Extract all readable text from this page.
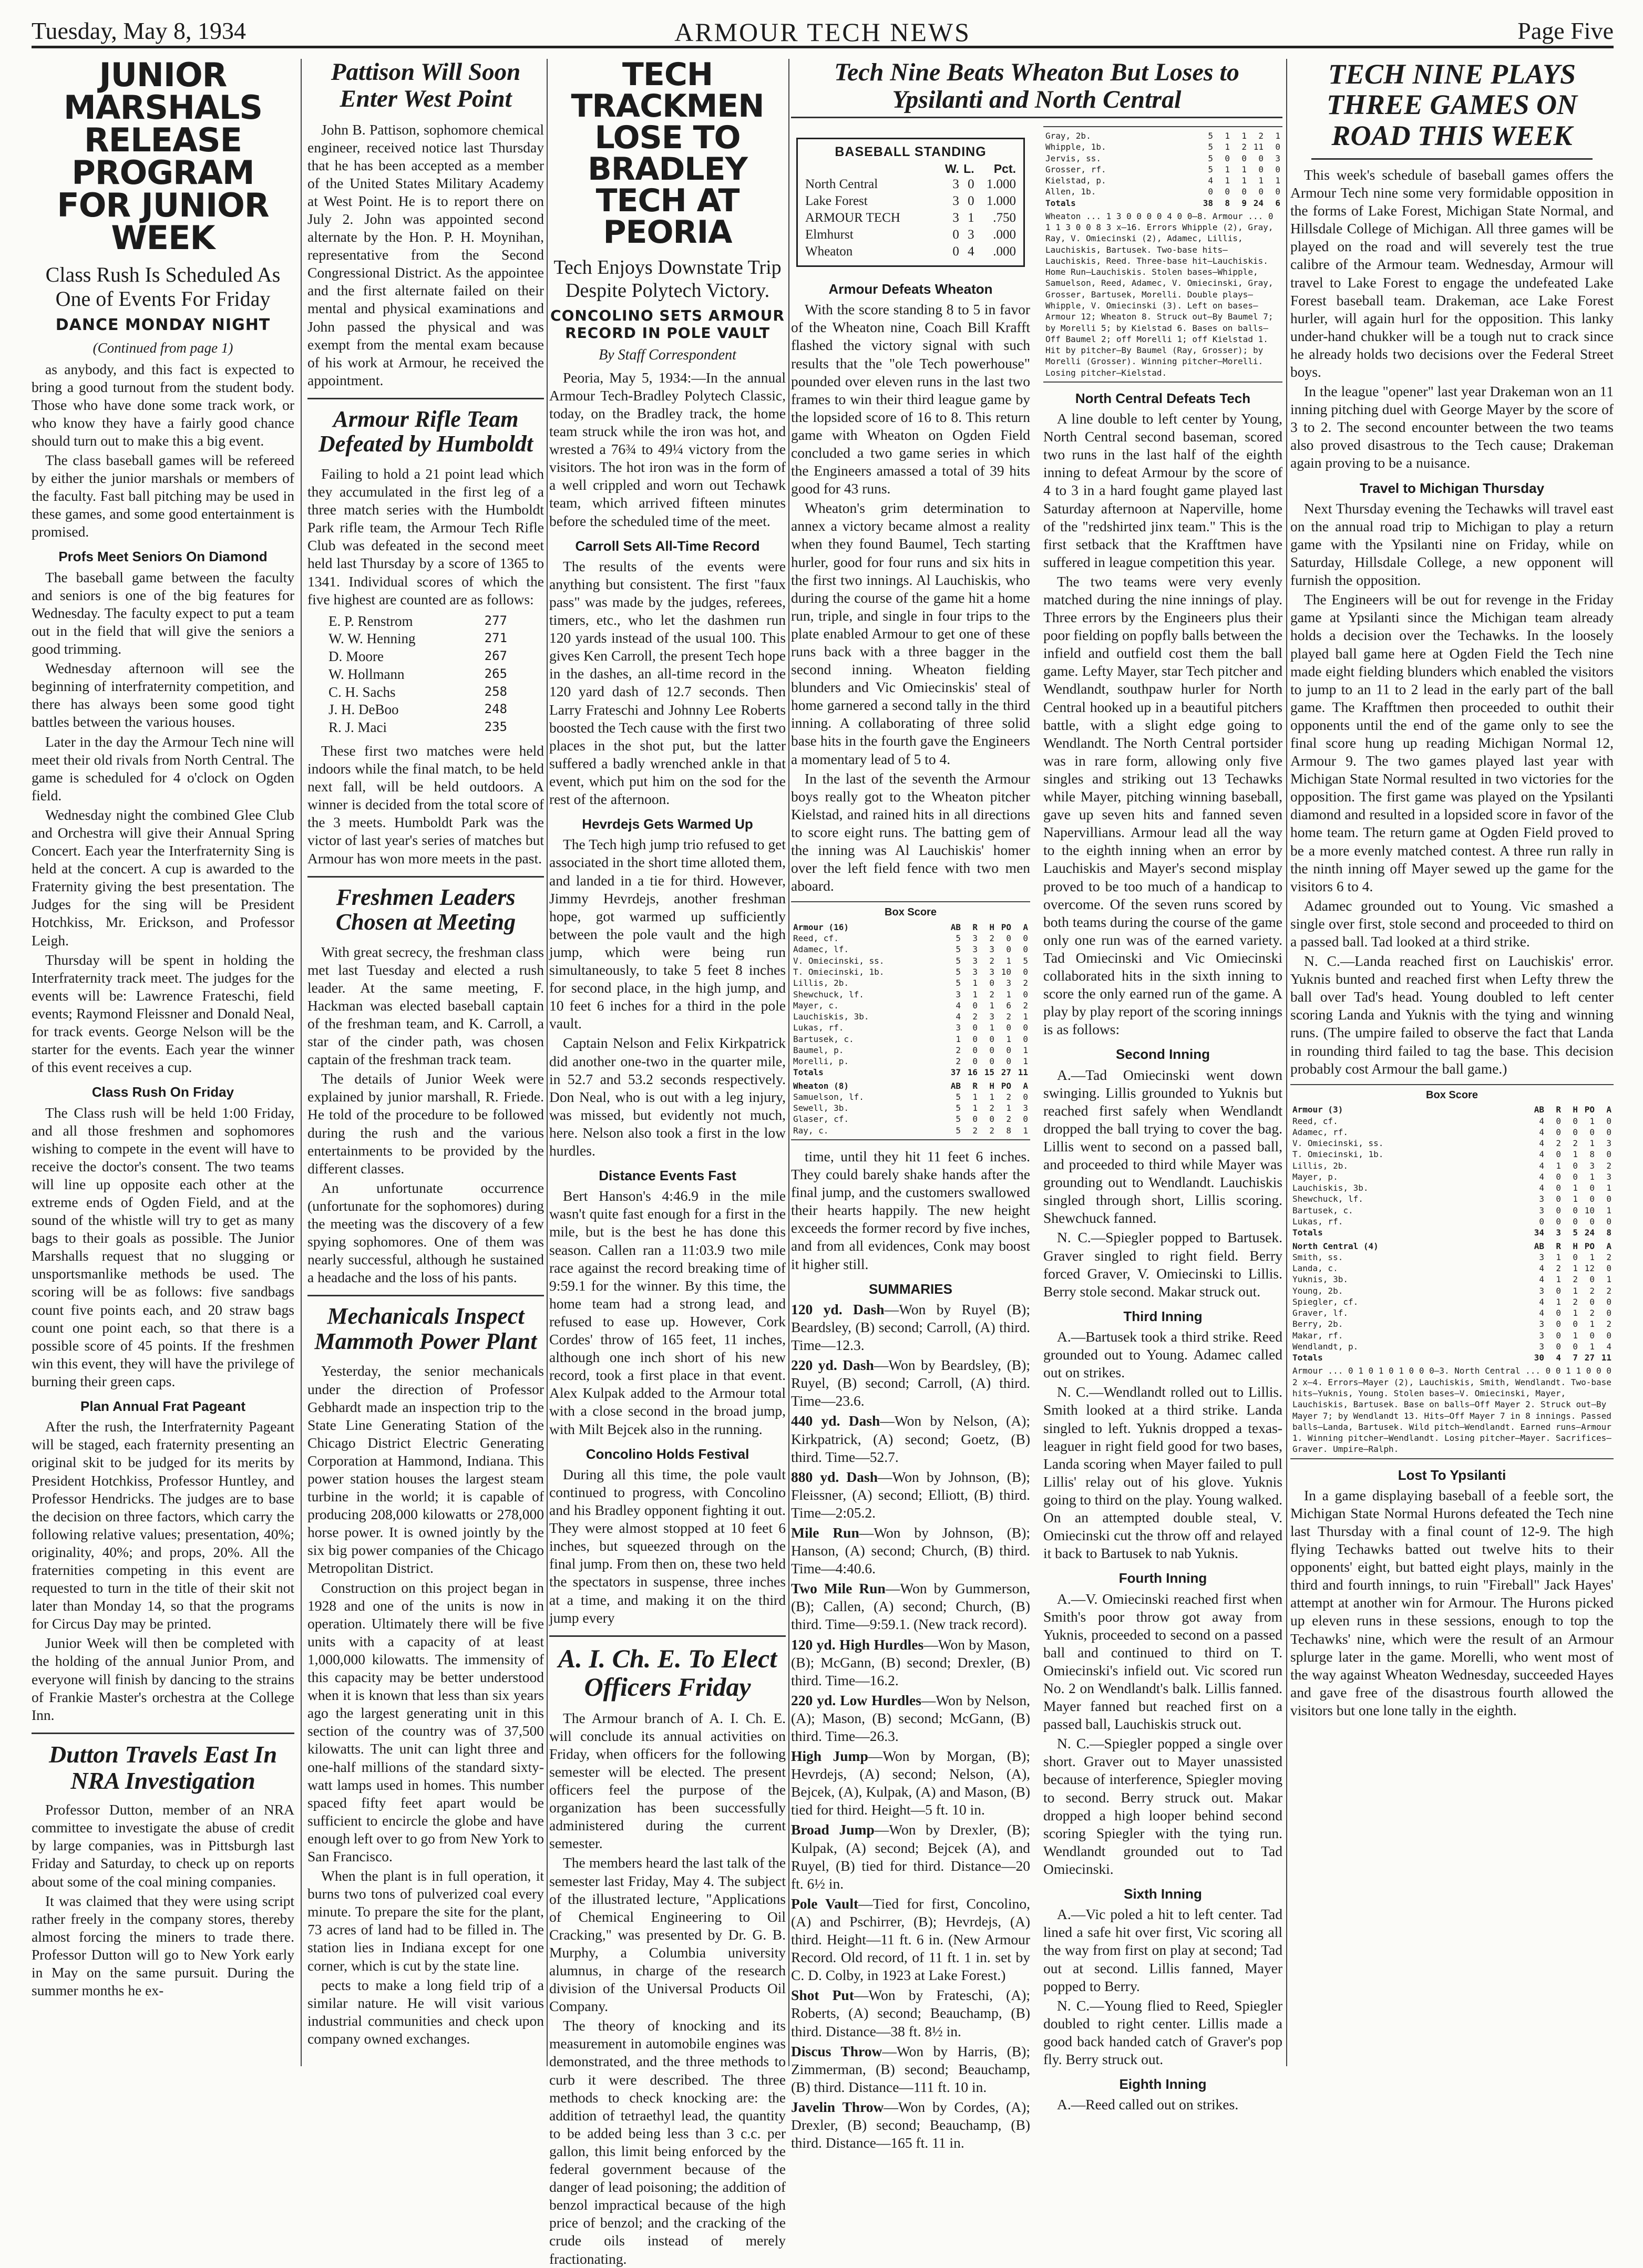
Tuesday, May 8, 1934	ARMOUR TECH NEWS	Page Five
JUNIOR MARSHALS RELEASE PROGRAM FOR JUNIOR WEEK
Class Rush Is Scheduled As One of Events For Friday
DANCE MONDAY NIGHT
(Continued from page 1)

as anybody, and this fact is expected to bring a good turnout from the student body. Those who have done some track work, or who know they have a fairly good chance should turn out to make this a big event.

The class baseball games will be refereed by either the junior marshals or members of the faculty. Fast ball pitching may be used in these games, and some good entertainment is promised.

Profs Meet Seniors On Diamond

The baseball game between the faculty and seniors is one of the big features for Wednesday. The faculty expect to put a team out in the field that will give the seniors a good trimming.

Wednesday afternoon will see the beginning of interfraternity competition, and there has always been some good tight battles between the various houses.

Later in the day the Armour Tech nine will meet their old rivals from North Central. The game is scheduled for 4 o'clock on Ogden field.

Wednesday night the combined Glee Club and Orchestra will give their Annual Spring Concert. Each year the Interfraternity Sing is held at the concert. A cup is awarded to the Fraternity giving the best presentation. The Judges for the sing will be President Hotchkiss, Mr. Erickson, and Professor Leigh.

Thursday will be spent in holding the Interfraternity track meet. The judges for the events will be: Lawrence Frateschi, field events; Raymond Fleissner and Donald Neal, for track events. George Nelson will be the starter for the events. Each year the winner of this event receives a cup.

Class Rush On Friday

The Class rush will be held 1:00 Friday, and all those freshmen and sophomores wishing to compete in the event will have to receive the doctor's consent. The two teams will line up opposite each other at the extreme ends of Ogden Field, and at the sound of the whistle will try to get as many bags to their goals as possible. The Junior Marshalls request that no slugging or unsportsmanlike methods be used. The scoring will be as follows: five sandbags count five points each, and 20 straw bags count one point each, so that there is a possible score of 45 points. If the freshmen win this event, they will have the privilege of burning their green caps.

Plan Annual Frat Pageant

After the rush, the Interfraternity Pageant will be staged, each fraternity presenting an original skit to be judged for its merits by President Hotchkiss, Professor Huntley, and Professor Hendricks. The judges are to base the decision on three factors, which carry the following relative values; presentation, 40%; originality, 40%; and props, 20%. All the fraternities competing in this event are requested to turn in the title of their skit not later than Monday 14, so that the programs for Circus Day may be printed.

Junior Week will then be completed with the holding of the annual Junior Prom, and everyone will finish by dancing to the strains of Frankie Master's orchestra at the College Inn.

Dutton Travels East In NRA Investigation

Professor Dutton, member of an NRA committee to investigate the abuse of credit by large companies, was in Pittsburgh last Friday and Saturday, to check up on reports about some of the coal mining companies.

It was claimed that they were using script rather freely in the company stores, thereby almost forcing the miners to trade there. Professor Dutton will go to New York early in May on the same pursuit. During the summer months he ex-

Pattison Will Soon Enter West Point

John B. Pattison, sophomore chemical engineer, received notice last Thursday that he has been accepted as a member of the United States Military Academy at West Point. He is to report there on July 2. John was appointed second alternate by the Hon. P. H. Moynihan, representative from the Second Congressional District. As the appointee and the first alternate failed on their mental and physical examinations and John passed the physical and was exempt from the mental exam because of his work at Armour, he received the appointment.

Armour Rifle Team Defeated by Humboldt

Failing to hold a 21 point lead which they accumulated in the first leg of a three match series with the Humboldt Park rifle team, the Armour Tech Rifle Club was defeated in the second meet held last Thursday by a score of 1365 to 1341. Individual scores of which the five highest are counted are as follows:

E. P. Renstrom	277
W. W. Henning	271
D. Moore	267
W. Hollmann	265
C. H. Sachs	258
J. H. DeBoo	248
R. J. Maci	235

These first two matches were held indoors while the final match, to be held next fall, will be held outdoors. A winner is decided from the total score of the 3 meets. Humboldt Park was the victor of last year's series of matches but Armour has won more meets in the past.

Freshmen Leaders Chosen at Meeting

With great secrecy, the freshman class met last Tuesday and elected a rush leader. At the same meeting, F. Hackman was elected baseball captain of the freshman team, and K. Carroll, a star of the cinder path, was chosen captain of the freshman track team.

The details of Junior Week were explained by junior marshall, R. Friede. He told of the procedure to be followed during the rush and the various entertainments to be provided by the different classes.

An unfortunate occurrence (unfortunate for the sophomores) during the meeting was the discovery of a few spying sophomores. One of them was nearly successful, although he sustained a headache and the loss of his pants.

Mechanicals Inspect Mammoth Power Plant

Yesterday, the senior mechanicals under the direction of Professor Gebhardt made an inspection trip to the State Line Generating Station of the Chicago District Electric Generating Corporation at Hammond, Indiana. This power station houses the largest steam turbine in the world; it is capable of producing 208,000 kilowatts or 278,000 horse power. It is owned jointly by the six big power companies of the Chicago Metropolitan District.

Construction on this project began in 1928 and one of the units is now in operation. Ultimately there will be five units with a capacity of at least 1,000,000 kilowatts. The immensity of this capacity may be better understood when it is known that less than six years ago the largest generating unit in this section of the country was of 37,500 kilowatts. The unit can light three and one-half millions of the standard sixty-watt lamps used in homes. This number spaced fifty feet apart would be sufficient to encircle the globe and have enough left over to go from New York to San Francisco.

When the plant is in full operation, it burns two tons of pulverized coal every minute. To prepare the site for the plant, 73 acres of land had to be filled in. The station lies in Indiana except for one corner, which is cut by the state line.

pects to make a long field trip of a similar nature. He will visit various industrial communities and check upon company owned exchanges.

TECH TRACKMEN LOSE TO BRADLEY TECH AT PEORIA
Tech Enjoys Downstate Trip Despite Polytech Victory.
CONCOLINO SETS ARMOUR RECORD IN POLE VAULT
By Staff Correspondent

Peoria, May 5, 1934:—In the annual Armour Tech-Bradley Polytech Classic, today, on the Bradley track, the home team struck while the iron was hot, and wrested a 76¾ to 49¼ victory from the visitors. The hot iron was in the form of a well crippled and worn out Techawk team, which arrived fifteen minutes before the scheduled time of the meet.

Carroll Sets All-Time Record

The results of the events were anything but consistent. The first "faux pass" was made by the judges, referees, timers, etc., who let the dashmen run 120 yards instead of the usual 100. This gives Ken Carroll, the present Tech hope in the dashes, an all-time record in the 120 yard dash of 12.7 seconds. Then Larry Frateschi and Johnny Lee Roberts boosted the Tech cause with the first two places in the shot put, but the latter suffered a badly wrenched ankle in that event, which put him on the sod for the rest of the afternoon.

Hevrdejs Gets Warmed Up

The Tech high jump trio refused to get associated in the short time alloted them, and landed in a tie for third. However, Jimmy Hevrdejs, another freshman hope, got warmed up sufficiently between the pole vault and the high jump, which were being run simultaneously, to take 5 feet 8 inches for second place, in the high jump, and 10 feet 6 inches for a third in the pole vault.

Captain Nelson and Felix Kirkpatrick did another one-two in the quarter mile, in 52.7 and 53.2 seconds respectively. Don Neal, who is out with a leg injury, was missed, but evidently not much, here. Nelson also took a first in the low hurdles.

Distance Events Fast

Bert Hanson's 4:46.9 in the mile wasn't quite fast enough for a first in the mile, but is the best he has done this season. Callen ran a 11:03.9 two mile race against the record breaking time of 9:59.1 for the winner. By this time, the home team had a strong lead, and refused to ease up. However, Cork Cordes' throw of 165 feet, 11 inches, although one inch short of his new record, took a first place in that event. Alex Kulpak added to the Armour total with a close second in the broad jump, with Milt Bejcek also in the running.

Concolino Holds Festival

During all this time, the pole vault continued to progress, with Concolino and his Bradley opponent fighting it out. They were almost stopped at 10 feet 6 inches, but squeezed through on the final jump. From then on, these two held the spectators in suspense, three inches at a time, and making it on the third jump every

A. I. Ch. E. To Elect Officers Friday

The Armour branch of A. I. Ch. E. will conclude its annual activities on Friday, when officers for the following semester will be elected. The present officers feel the purpose of the organization has been successfully administered during the current semester.

The members heard the last talk of the semester last Friday, May 4. The subject of the illustrated lecture, "Applications of Chemical Engineering to Oil Cracking," was presented by Dr. G. B. Murphy, a Columbia university alumnus, in charge of the research division of the Universal Products Oil Company.

The theory of knocking and its measurement in automobile engines was demonstrated, and the three methods to curb it were described. The three methods to check knocking are: the addition of tetraethyl lead, the quantity to be added being less than 3 c.c. per gallon, this limit being enforced by the federal government because of the danger of lead poisoning; the addition of benzol impractical because of the high price of benzol; and the cracking of the crude oils instead of merely fractionating.

Tech Nine Beats Wheaton But Loses to Ypsilanti and North Central
BASEBALL STANDING
	W.	L.	Pct.
North Central	3	0	1.000
Lake Forest	3	0	1.000
ARMOUR TECH	3	1	.750
Elmhurst	0	3	.000
Wheaton	0	4	.000
Armour Defeats Wheaton

With the score standing 8 to 5 in favor of the Wheaton nine, Coach Bill Krafft flashed the victory signal with such results that the "ole Tech powerhouse" pounded over eleven runs in the last two frames to win their third league game by the lopsided score of 16 to 8. This return game with Wheaton on Ogden Field concluded a two game series in which the Engineers amassed a total of 39 hits good for 43 runs.

Wheaton's grim determination to annex a victory became almost a reality when they found Baumel, Tech starting hurler, good for four runs and six hits in the first two innings. Al Lauchiskis, who during the course of the game hit a home run, triple, and single in four trips to the plate enabled Armour to get one of these runs back with a three bagger in the second inning. Wheaton fielding blunders and Vic Omiecinskis' steal of home garnered a second tally in the third inning. A collaborating of three solid base hits in the fourth gave the Engineers a momentary lead of 5 to 4.

In the last of the seventh the Armour boys really got to the Wheaton pitcher Kielstad, and rained hits in all directions to score eight runs. The batting gem of the inning was Al Lauchiskis' homer over the left field fence with two men aboard.

Box Score
Armour (16)	AB	R	H PO	A
Reed, cf.	5	3	2	0	0
Adamec, lf.	5	3	3	0	0
V. Omiecinski, ss.	5	3	2	1	5
T. Omiecinski, 1b.	5	3	3 10	0
Lillis, 2b.	5	1	0	3	2
Shewchuck, lf.	3	1	2	1	0
Mayer, c.	4	0	1	6	2
Lauchiskis, 3b.	4	2	3	2	1
Lukas, rf.	3	0	1	0	0
Bartusek, c.	1	0	0	1	0
Baumel, p.	2	0	0	0	1
Morelli, p.	2	0	0	0	1
Totals	37 16 15 27 11
Wheaton (8)	AB	R	H PO	A
Samuelson, lf.	5	1	1	2	0
Sewell, 3b.	5	1	2	1	3
Glaser, cf.	5	0	0	2	0
Ray, c.	5	2	2	8	1

time, until they hit 11 feet 6 inches. They could barely shake hands after the final jump, and the customers swallowed their hearts happily. The new height exceeds the former record by five inches, and from all evidences, Conk may boost it higher still.

SUMMARIES

120 yd. Dash—Won by Ruyel (B); Beardsley, (B) second; Carroll, (A) third. Time—12.3.

220 yd. Dash—Won by Beardsley, (B); Ruyel, (B) second; Carroll, (A) third. Time—23.6.

440 yd. Dash—Won by Nelson, (A); Kirkpatrick, (A) second; Goetz, (B) third. Time—52.7.

880 yd. Dash—Won by Johnson, (B); Fleissner, (A) second; Elliott, (B) third. Time—2:05.2.

Mile Run—Won by Johnson, (B); Hanson, (A) second; Church, (B) third. Time—4:40.6.

Two Mile Run—Won by Gummerson, (B); Callen, (A) second; Church, (B) third. Time—9:59.1. (New track record).

120 yd. High Hurdles—Won by Mason, (B); McGann, (B) second; Drexler, (B) third. Time—16.2.

220 yd. Low Hurdles—Won by Nelson, (A); Mason, (B) second; McGann, (B) third. Time—26.3.

High Jump—Won by Morgan, (B); Hevrdejs, (A) second; Nelson, (A), Bejcek, (A), Kulpak, (A) and Mason, (B) tied for third. Height—5 ft. 10 in.

Broad Jump—Won by Drexler, (B); Kulpak, (A) second; Bejcek (A), and Ruyel, (B) tied for third. Distance—20 ft. 6½ in.

Pole Vault—Tied for first, Concolino, (A) and Pschirrer, (B); Hevrdejs, (A) third. Height—11 ft. 6 in. (New Armour Record. Old record, of 11 ft. 1 in. set by C. D. Colby, in 1923 at Lake Forest.)

Shot Put—Won by Frateschi, (A); Roberts, (A) second; Beauchamp, (B) third. Distance—38 ft. 8½ in.

Discus Throw—Won by Harris, (B); Zimmerman, (B) second; Beauchamp, (B) third. Distance—111 ft. 10 in.

Javelin Throw—Won by Cordes, (A); Drexler, (B) second; Beauchamp, (B) third. Distance—165 ft. 11 in.

Gray, 2b.	5	1	1	2	1
Whipple, 1b.	5	1	2 11	0
Jervis, ss.	5	0	0	0	3
Grosser, rf.	5	1	1	0	0
Kielstad, p.	4	1	1	1	1
Allen, 1b.	0	0	0	0	0
Totals	38	8	9 24	6
Wheaton ... 1 3 0 0 0 0 4 0 0—8. Armour ... 0 1 1 3 0 0 8 3 x—16. Errors Whipple (2), Gray, Ray, V. Omiecinski (2), Adamec, Lillis, Lauchiskis, Bartusek. Two-base hits—Lauchiskis, Reed. Three-base hit—Lauchiskis. Home Run—Lauchiskis. Stolen bases—Whipple, Samuelson, Reed, Adamec, V. Omiecinski, Gray, Grosser, Bartusek, Morelli. Double plays—Whipple, V. Omiecinski (3). Left on bases—Armour 12; Wheaton 8. Struck out—By Baumel 7; by Morelli 5; by Kielstad 6. Bases on balls—Off Baumel 2; off Morelli 1; off Kielstad 1. Hit by pitcher—By Baumel (Ray, Grosser); by Morelli (Grosser). Winning pitcher—Morelli. Losing pitcher—Kielstad.
North Central Defeats Tech

A line double to left center by Young, North Central second baseman, scored two runs in the last half of the eighth inning to defeat Armour by the score of 4 to 3 in a hard fought game played last Saturday afternoon at Naperville, home of the "redshirted jinx team." This is the first setback that the Krafftmen have suffered in league competition this year.

The two teams were very evenly matched during the nine innings of play. Three errors by the Engineers plus their poor fielding on popfly balls between the infield and outfield cost them the ball game. Lefty Mayer, star Tech pitcher and Wendlandt, southpaw hurler for North Central hooked up in a beautiful pitchers battle, with a slight edge going to Wendlandt. The North Central portsider was in rare form, allowing only five singles and striking out 13 Techawks while Mayer, pitching winning baseball, gave up seven hits and fanned seven Napervillians. Armour lead all the way to the eighth inning when an error by Lauchiskis and Mayer's second misplay proved to be too much of a handicap to overcome. Of the seven runs scored by both teams during the course of the game only one run was of the earned variety. Tad Omiecinski and Vic Omiecinski collaborated hits in the sixth inning to score the only earned run of the game. A play by play report of the scoring innings is as follows:

Second Inning

A.—Tad Omiecinski went down swinging. Lillis grounded to Yuknis but reached first safely when Wendlandt dropped the ball trying to cover the bag. Lillis went to second on a passed ball, and proceeded to third while Mayer was grounding out to Wendlandt. Lauchiskis singled through short, Lillis scoring. Shewchuck fanned.

N. C.—Spiegler popped to Bartusek. Graver singled to right field. Berry forced Graver, V. Omiecinski to Lillis. Berry stole second. Makar struck out.

Third Inning

A.—Bartusek took a third strike. Reed grounded out to Young. Adamec called out on strikes.

N. C.—Wendlandt rolled out to Lillis. Smith looked at a third strike. Landa singled to left. Yuknis dropped a texas-leaguer in right field good for two bases, Landa scoring when Mayer failed to pull Lillis' relay out of his glove. Yuknis going to third on the play. Young walked. On an attempted double steal, V. Omiecinski cut the throw off and relayed it back to Bartusek to nab Yuknis.

Fourth Inning

A.—V. Omiecinski reached first when Smith's poor throw got away from Yuknis, proceeded to second on a passed ball and continued to third on T. Omiecinski's infield out. Vic scored run No. 2 on Wendlandt's balk. Lillis fanned. Mayer fanned but reached first on a passed ball, Lauchiskis struck out.

N. C.—Spiegler popped a single over short. Graver out to Mayer unassisted because of interference, Spiegler moving to second. Berry struck out. Makar dropped a high looper behind second scoring Spiegler with the tying run. Wendlandt grounded out to Tad Omiecinski.

Sixth Inning

A.—Vic poled a hit to left center. Tad lined a safe hit over first, Vic scoring all the way from first on play at second; Tad out at second. Lillis fanned, Mayer popped to Berry.

N. C.—Young flied to Reed, Spiegler doubled to right center. Lillis made a good back handed catch of Graver's pop fly. Berry struck out.

Eighth Inning

A.—Reed called out on strikes.

TECH NINE PLAYS THREE GAMES ON ROAD THIS WEEK

This week's schedule of baseball games offers the Armour Tech nine some very formidable opposition in the forms of Lake Forest, Michigan State Normal, and Hillsdale College of Michigan. All three games will be played on the road and will severely test the true calibre of the Armour team. Wednesday, Armour will travel to Lake Forest to engage the undefeated Lake Forest baseball team. Drakeman, ace Lake Forest hurler, will again hurl for the opposition. This lanky under-hand chukker will be a tough nut to crack since he already holds two decisions over the Federal Street boys.

In the league "opener" last year Drakeman won an 11 inning pitching duel with George Mayer by the score of 3 to 2. The second encounter between the two teams also proved disastrous to the Tech cause; Drakeman again proving to be a nuisance.

Travel to Michigan Thursday

Next Thursday evening the Techawks will travel east on the annual road trip to Michigan to play a return game with the Ypsilanti nine on Friday, while on Saturday, Hillsdale College, a new opponent will furnish the opposition.

The Engineers will be out for revenge in the Friday game at Ypsilanti since the Michigan team already holds a decision over the Techawks. In the loosely played ball game here at Ogden Field the Tech nine made eight fielding blunders which enabled the visitors to jump to an 11 to 2 lead in the early part of the ball game. The Krafftmen then proceeded to outhit their opponents until the end of the game only to see the final score hung up reading Michigan Normal 12, Armour 9. The two games played last year with Michigan State Normal resulted in two victories for the opposition. The first game was played on the Ypsilanti diamond and resulted in a lopsided score in favor of the home team. The return game at Ogden Field proved to be a more evenly matched contest. A three run rally in the ninth inning off Mayer sewed up the game for the visitors 6 to 4.

Adamec grounded out to Young. Vic smashed a single over first, stole second and proceeded to third on a passed ball. Tad looked at a third strike.

N. C.—Landa reached first on Lauchiskis' error. Yuknis bunted and reached first when Lefty threw the ball over Tad's head. Young doubled to left center scoring Landa and Yuknis with the tying and winning runs. (The umpire failed to observe the fact that Landa in rounding third failed to tag the base. This decision probably cost Armour the ball game.)

Box Score
Armour (3)	AB	R	H PO	A
Reed, cf.	4	0	0	1	0
Adamec, rf.	4	0	0	0	0
V. Omiecinski, ss.	4	2	2	1	3
T. Omiecinski, 1b.	4	0	1	8	0
Lillis, 2b.	4	1	0	3	2
Mayer, p.	4	0	0	1	3
Lauchiskis, 3b.	4	0	1	0	1
Shewchuck, lf.	3	0	1	0	0
Bartusek, c.	3	0	0 10	1
Lukas, rf.	0	0	0	0	0
Totals	34	3	5 24	8
North Central (4)	AB	R	H PO	A
Smith, ss.	3	1	0	1	2
Landa, c.	4	2	1 12	0
Yuknis, 3b.	4	1	2	0	1
Young, 2b.	3	0	1	2	2
Spiegler, cf.	4	1	2	0	0
Graver, lf.	4	0	1	2	0
Berry, 2b.	3	0	0	1	2
Makar, rf.	3	0	1	0	0
Wendlandt, p.	3	0	0	1	4
Totals	30	4	7 27 11
Armour ... 0 1 0 1 0 1 0 0 0—3. North Central ... 0 0 1 1 0 0 0 2 x—4. Errors—Mayer (2), Lauchiskis, Smith, Wendlandt. Two-base hits—Yuknis, Young. Stolen bases—V. Omiecinski, Mayer, Lauchiskis, Bartusek. Base on balls—Off Mayer 2. Struck out—By Mayer 7; by Wendlandt 13. Hits—Off Mayer 7 in 8 innings. Passed balls—Landa, Bartusek. Wild pitch—Wendlandt. Earned runs—Armour 1. Winning pitcher—Wendlandt. Losing pitcher—Mayer. Sacrifices—Graver. Umpire—Ralph.
Lost To Ypsilanti

In a game displaying baseball of a feeble sort, the Michigan State Normal Hurons defeated the Tech nine last Thursday with a final count of 12-9. The high flying Techawks batted out twelve hits to their opponents' eight, but batted eight plays, mainly in the third and fourth innings, to ruin "Fireball" Jack Hayes' attempt at another win for Armour. The Hurons picked up eleven runs in these sessions, enough to top the Techawks' nine, which were the result of an Armour splurge later in the game. Morelli, who went most of the way against Wheaton Wednesday, succeeded Hayes and gave free of the disastrous fourth allowed the visitors but one lone tally in the eighth.
